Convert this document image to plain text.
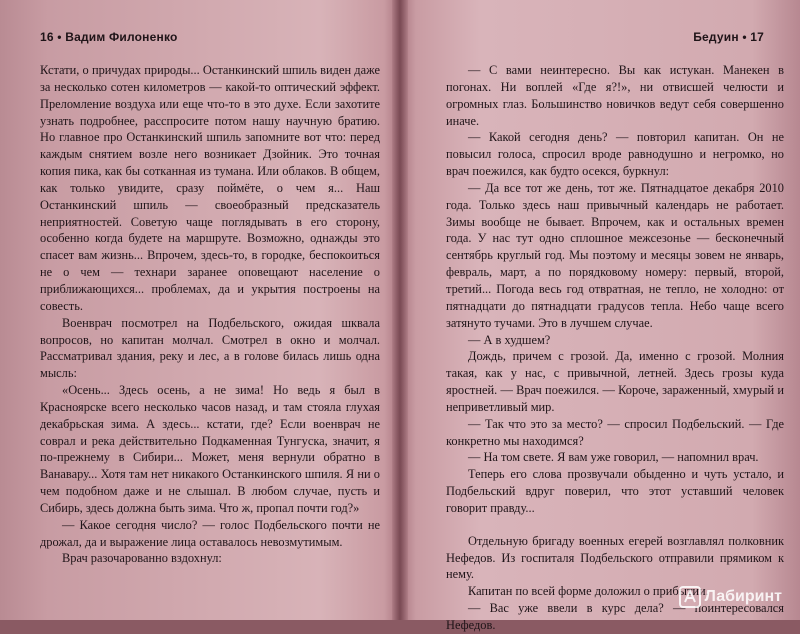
16 • Вадим Филоненко

Кстати, о причудах природы... Останкинский шпиль виден даже за несколько сотен километров — какой-то оптический эффект. Преломление воздуха или еще что-то в это духе. Если захотите узнать подробнее, расспросите потом нашу научную братию. Но главное про Останкинский шпиль запомните вот что: перед каждым снятием возле него возникает Дзойник. Это точная копия пика, как бы сотканная из тумана. Или облаков. В общем, как только увидите, сразу поймёте, о чем я... Наш Останкинский шпиль — своеобразный предсказатель неприятностей. Советую чаще поглядывать в его сторону, особенно когда будете на маршруте. Возможно, однажды это спасет вам жизнь... Впрочем, здесь-то, в городке, беспокоиться не о чем — технари заранее оповещают население о приближающихся... проблемах, да и укрытия построены на совесть.

Военврач посмотрел на Подбельского, ожидая шквала вопросов, но капитан молчал. Смотрел в окно и молчал. Рассматривал здания, реку и лес, а в голове билась лишь одна мысль:

«Осень... Здесь осень, а не зима! Но ведь я был в Красноярске всего несколько часов назад, и там стояла глухая декабрьская зима. А здесь... кстати, где? Если военврач не соврал и река действительно Подкаменная Тунгуска, значит, я по-прежнему в Сибири... Может, меня вернули обратно в Ванавару... Хотя там нет никакого Останкинского шпиля. Я ни о чем подобном даже и не слышал. В любом случае, пусть и Сибирь, здесь должна быть зима. Что ж, пропал почти год?»

— Какое сегодня число? — голос Подбельского почти не дрожал, да и выражение лица оставалось невозмутимым.

Врач разочарованно вздохнул:

Бедуин • 17

— С вами неинтересно. Вы как истукан. Манекен в погонах. Ни воплей «Где я?!», ни отвисшей челюсти и огромных глаз. Большинство новичков ведут себя совершенно иначе.

— Какой сегодня день? — повторил капитан. Он не повысил голоса, спросил вроде равнодушно и негромко, но врач поежился, как будто осекся, буркнул:

— Да все тот же день, тот же. Пятнадцатое декабря 2010 года. Только здесь наш привычный календарь не работает. Зимы вообще не бывает. Впрочем, как и остальных времен года. У нас тут одно сплошное межсезонье — бесконечный сентябрь круглый год. Мы поэтому и месяцы зовем не январь, февраль, март, а по порядковому номеру: первый, второй, третий... Погода весь год отвратная, не тепло, не холодно: от пятнадцати до пятнадцати градусов тепла. Небо чаще всего затянуто тучами. Это в лучшем случае.

— А в худшем?

Дождь, причем с грозой. Да, именно с грозой. Молния такая, как у нас, с привычной, летней. Здесь грозы куда яростней. — Врач поежился. — Короче, зараженный, хмурый и неприветливый мир.

— Так что это за место? — спросил Подбельский. — Где конкретно мы находимся?

— На том свете. Я вам уже говорил, — напомнил врач.

Теперь его слова прозвучали обыденно и чуть устало, и Подбельский вдруг поверил, что этот уставший человек говорит правду...

Отдельную бригаду военных егерей возглавлял полковник Нефедов. Из госпиталя Подбельского отправили прямиком к нему.

Капитан по всей форме доложил о прибытии.

— Вас уже ввели в курс дела? — поинтересовался Нефедов.

Лабиринт
